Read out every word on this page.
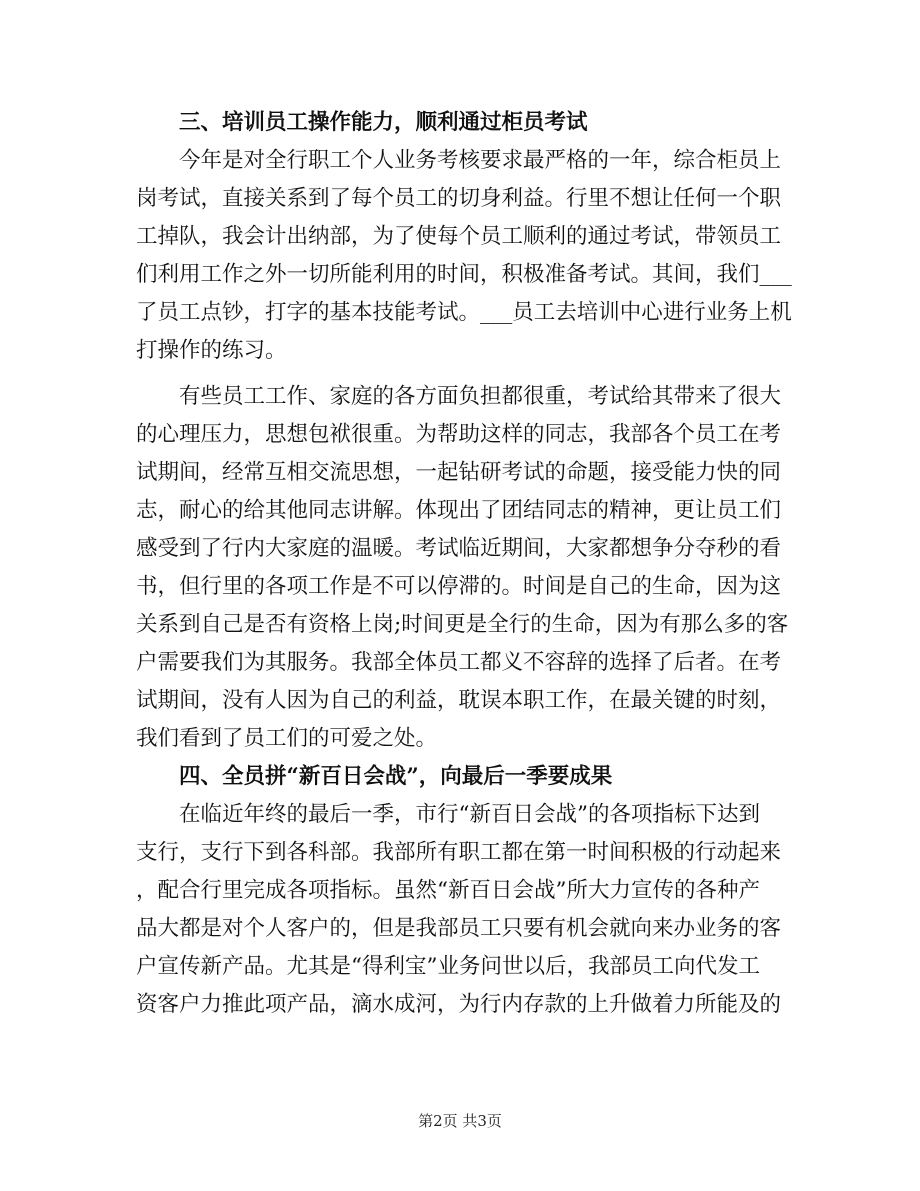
三、培训员工操作能力，顺利通过柜员考试
今年是对全行职工个人业务考核要求最严格的一年，综合柜员上
岗考试，直接关系到了每个员工的切身利益。行里不想让任何一个职
工掉队，我会计出纳部，为了使每个员工顺利的通过考试，带领员工
们利用工作之外一切所能利用的时间，积极准备考试。其间，我们___
了员工点钞，打字的基本技能考试。___员工去培训中心进行业务上机
打操作的练习。
有些员工工作、家庭的各方面负担都很重，考试给其带来了很大
的心理压力，思想包袱很重。为帮助这样的同志，我部各个员工在考
试期间，经常互相交流思想，一起钻研考试的命题，接受能力快的同
志，耐心的给其他同志讲解。体现出了团结同志的精神，更让员工们
感受到了行内大家庭的温暖。考试临近期间，大家都想争分夺秒的看
书，但行里的各项工作是不可以停滞的。时间是自己的生命，因为这
关系到自己是否有资格上岗;时间更是全行的生命，因为有那么多的客
户需要我们为其服务。我部全体员工都义不容辞的选择了后者。在考
试期间，没有人因为自己的利益，耽误本职工作，在最关键的时刻，
我们看到了员工们的可爱之处。
四、全员拼“新百日会战”，向最后一季要成果
在临近年终的最后一季，市行“新百日会战”的各项指标下达到
支行，支行下到各科部。我部所有职工都在第一时间积极的行动起来
，配合行里完成各项指标。虽然“新百日会战”所大力宣传的各种产
品大都是对个人客户的，但是我部员工只要有机会就向来办业务的客
户宣传新产品。尤其是“得利宝”业务问世以后，我部员工向代发工
资客户力推此项产品，滴水成河，为行内存款的上升做着力所能及的
第2页 共3页
